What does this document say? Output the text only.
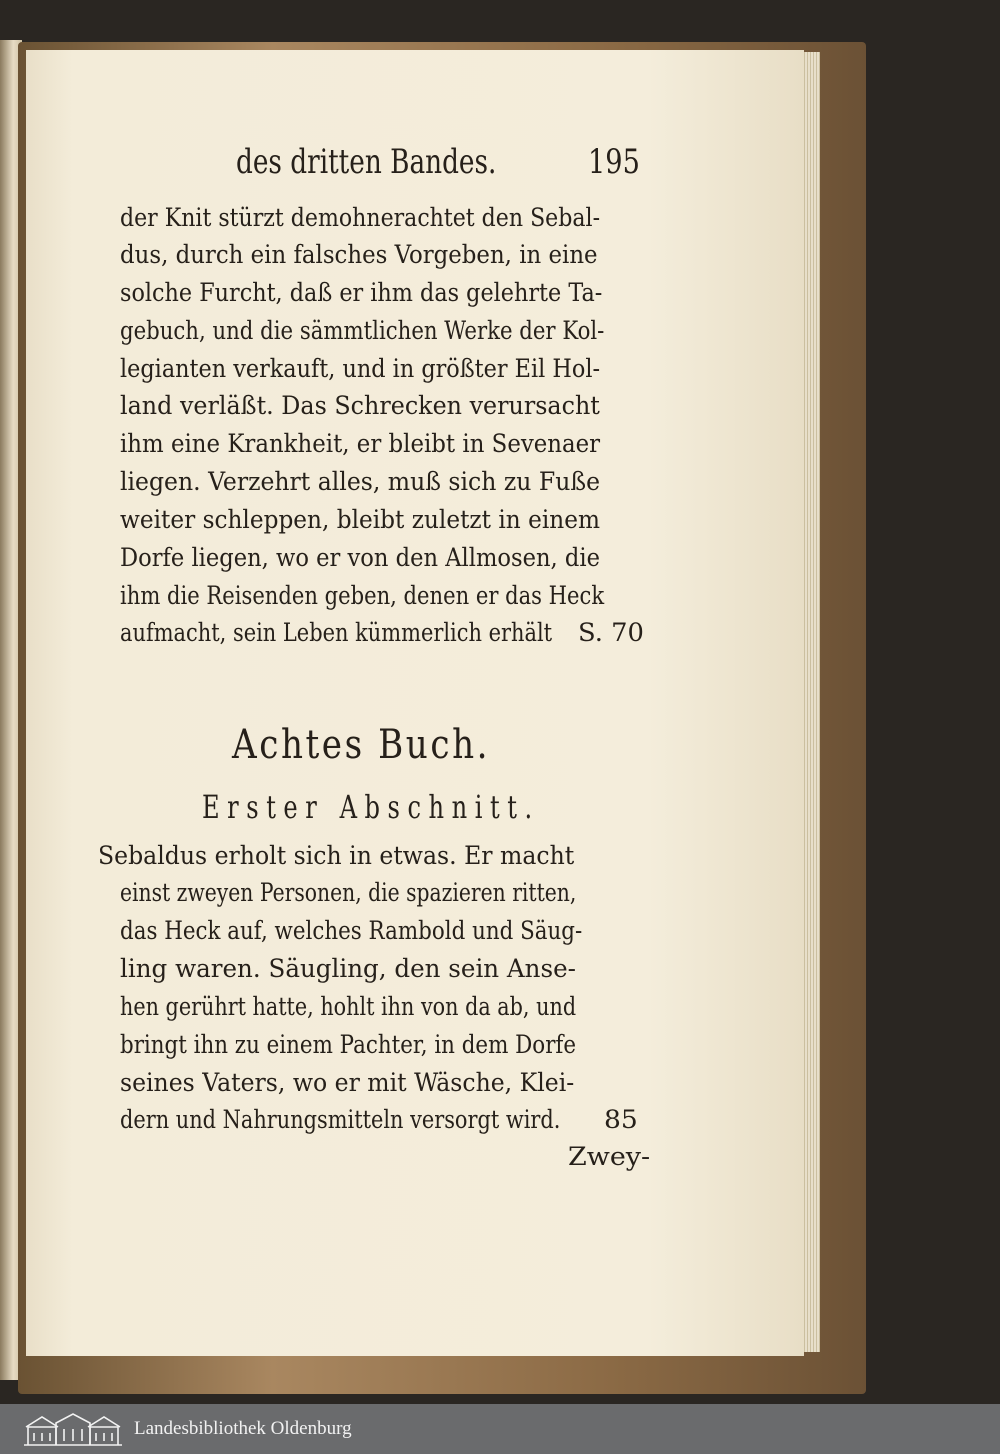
des dritten Bandes.	195
der Knit stürzt demohnerachtet den Sebal-
dus, durch ein falsches Vorgeben, in eine
solche Furcht, daß er ihm das gelehrte Ta-
gebuch, und die sämmtlichen Werke der Kol-
legianten verkauft, und in größter Eil Hol-
land verläßt. Das Schrecken verursacht
ihm eine Krankheit, er bleibt in Sevenaer
liegen. Verzehrt alles, muß sich zu Fuße
weiter schleppen, bleibt zuletzt in einem
Dorfe liegen, wo er von den Allmosen, die
ihm die Reisenden geben, denen er das Heck
aufmacht, sein Leben kümmerlich erhält S. 70
Achtes Buch.
Erster Abschnitt.
Sebaldus erholt sich in etwas. Er macht
einst zweyen Personen, die spazieren ritten,
das Heck auf, welches Rambold und Säug-
ling waren. Säugling, den sein Anse-
hen gerührt hatte, hohlt ihn von da ab, und
bringt ihn zu einem Pachter, in dem Dorfe
seines Vaters, wo er mit Wäsche, Klei-
dern und Nahrungsmitteln versorgt wird. 85
Zwey-
Landesbibliothek Oldenburg
